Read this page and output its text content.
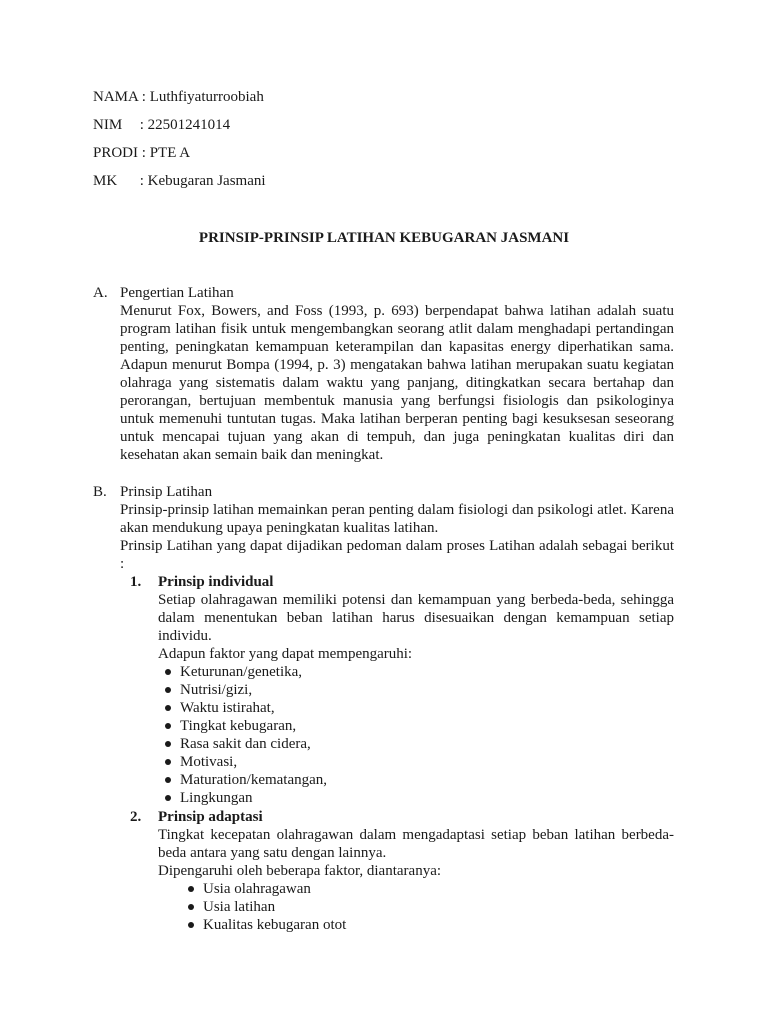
NAMA : Luthfiyaturroobiah
NIM : 22501241014
PRODI : PTE A
MK : Kebugaran Jasmani
PRINSIP-PRINSIP LATIHAN KEBUGARAN JASMANI
A. Pengertian Latihan

Menurut Fox, Bowers, and Foss (1993, p. 693) berpendapat bahwa latihan adalah suatu program latihan fisik untuk mengembangkan seorang atlit dalam menghadapi pertandingan penting, peningkatan kemampuan keterampilan dan kapasitas energy diperhatikan sama. Adapun menurut Bompa (1994, p. 3) mengatakan bahwa latihan merupakan suatu kegiatan olahraga yang sistematis dalam waktu yang panjang, ditingkatkan secara bertahap dan perorangan, bertujuan membentuk manusia yang berfungsi fisiologis dan psikologinya untuk memenuhi tuntutan tugas. Maka latihan berperan penting bagi kesuksesan seseorang untuk mencapai tujuan yang akan di tempuh, dan juga peningkatan kualitas diri dan kesehatan akan semain baik dan meningkat.

B. Prinsip Latihan

Prinsip-prinsip latihan memainkan peran penting dalam fisiologi dan psikologi atlet. Karena akan mendukung upaya peningkatan kualitas latihan.

Prinsip Latihan yang dapat dijadikan pedoman dalam proses Latihan adalah sebagai berikut :

1. Prinsip individual

Setiap olahragawan memiliki potensi dan kemampuan yang berbeda-beda, sehingga dalam menentukan beban latihan harus disesuaikan dengan kemampuan setiap individu.

Adapun faktor yang dapat mempengaruhi:

Keturunan/genetika,
Nutrisi/gizi,
Waktu istirahat,
Tingkat kebugaran,
Rasa sakit dan cidera,
Motivasi,
Maturation/kematangan,
Lingkungan
2. Prinsip adaptasi

Tingkat kecepatan olahragawan dalam mengadaptasi setiap beban latihan berbeda-beda antara yang satu dengan lainnya.

Dipengaruhi oleh beberapa faktor, diantaranya:

Usia olahragawan
Usia latihan
Kualitas kebugaran otot
